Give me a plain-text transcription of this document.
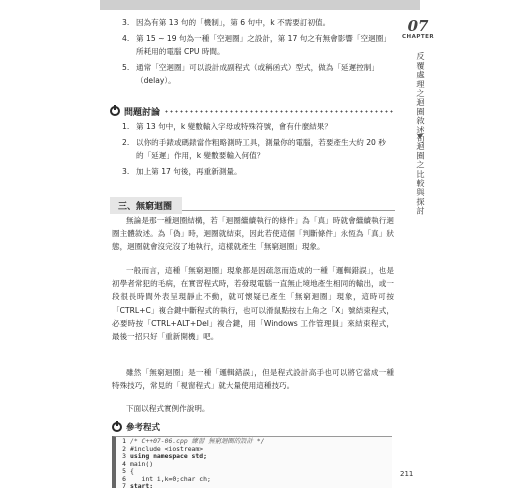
3. 因為有第 13 句的「機制」，第 6 句中，k 不需要訂初值。
4. 第 15 ~ 19 句為一種「空迴圈」之設計，第 17 句之有無會影響「空迴圈」所耗用的電腦 CPU 時間。
5. 通常「空迴圈」可以設計成副程式（或稱函式）型式，做為「延遲控制」（delay）。
問題討論
1. 第 13 句中，k 變數輸入字母或特殊符號，會有什麼結果？
2. 以你的手錶或碼錶當作粗略測時工具，測量你的電腦，若要產生大約 20 秒的「延遲」作用，k 變數要輸入何值？
3. 加上第 17 句後，再重新測量。
三、無窮迴圈

無論是那一種迴圈結構，若「迴圈繼續執行的條件」為「真」時就會繼續執行迴圈主體敘述。為「偽」時，迴圈就結束，因此若使這個「判斷條件」永恆為「真」狀態，迴圈就會沒完沒了地執行，這樣就產生「無窮迴圈」現象。

一般而言，這種「無窮迴圈」現象都是因疏忽而造成的一種「邏輯錯誤」，也是初學者常犯的毛病，在實習程式時，若發現電腦一直無止境地產生相同的輸出，或一段很長時間外表呈現靜止不動，就可懷疑已產生「無窮迴圈」現象，這時可按「CTRL+C」複合鍵中斷程式的執行，也可以滑鼠點按右上角之「X」號結束程式，必要時按「CTRL+ALT+Del」複合鍵，用「Windows 工作管理員」來結束程式，最後一招只好「重新開機」吧。

雖然「無窮迴圈」是一種「邏輯錯誤」，但是程式設計高手也可以將它當成一種特殊技巧，常見的「視窗程式」就大量使用這種技巧。

下面以程式實例作說明。

參考程式
1 /* C++07-06.cpp 練習 無窮迴圈的設計 */
2 #include <iostream>
3 using namespace std;
4 main()
5 {
6 int i,k=0;char ch;
7 start:
07
CHAPTER
反覆處理之迴圈敘述句
迴圈之比較與探討
211
